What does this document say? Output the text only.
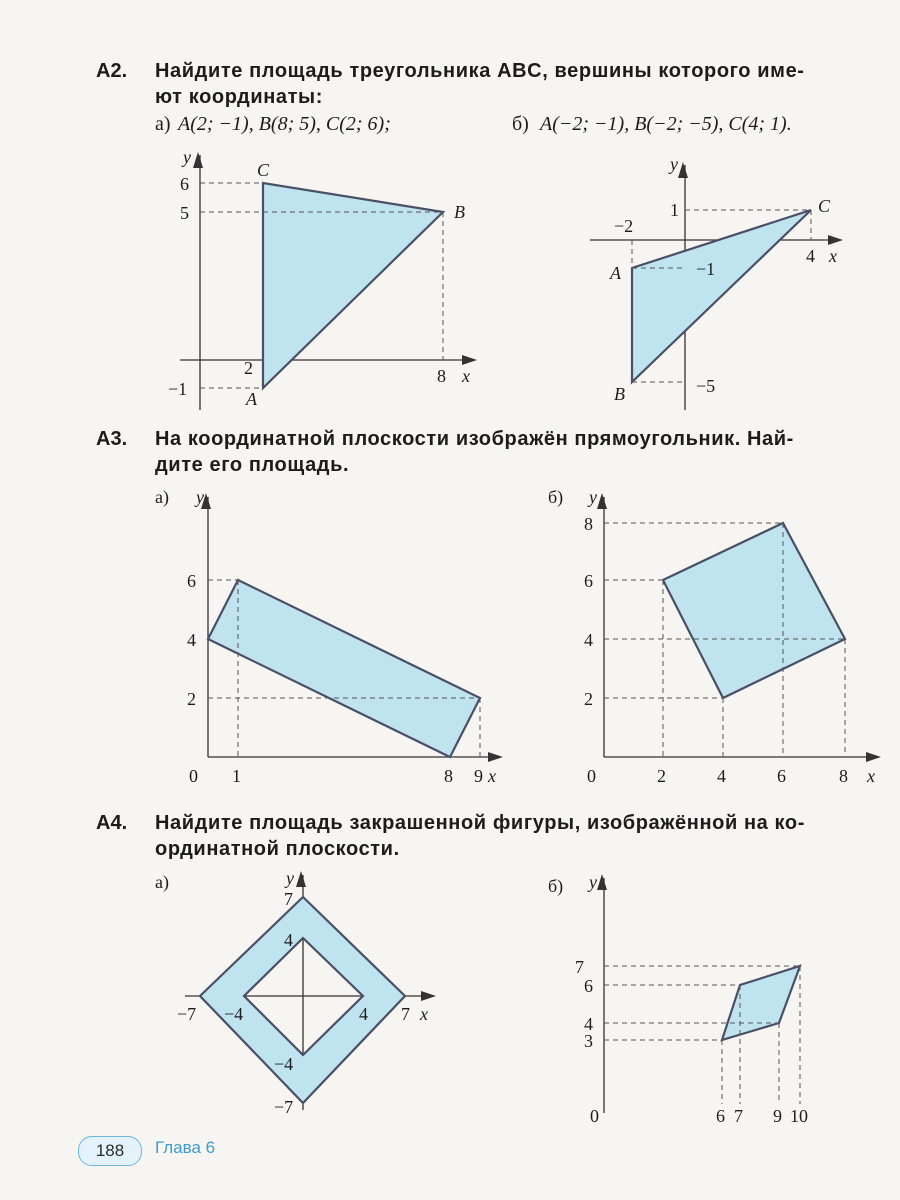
A2. Найдите площадь треугольника ABC, вершины которого име-
ют координаты:
а) A(2; −1), B(8; 5), C(2; 6);	б) A(−2; −1), B(−2; −5), C(4; 1).
y
x
6
5
2	8
−1	A
B
C	y
x
1
−2
−1
4
−5
A
B
C
A3. На координатной плоскости изображён прямоугольник. Най-
дите его площадь.
а) y
x
6
4
2
0 1	8 9
б) y
x
8
6
4
2
0	2	4	6	8
A4. Найдите площадь закрашенной фигуры, изображённой на ко-
ординатной плоскости.
а)	y
x
7
4
−4
−7
−7 −4	4 7
б) y
7
6
4
3
0	6 7 9 10
188	Глава 6
